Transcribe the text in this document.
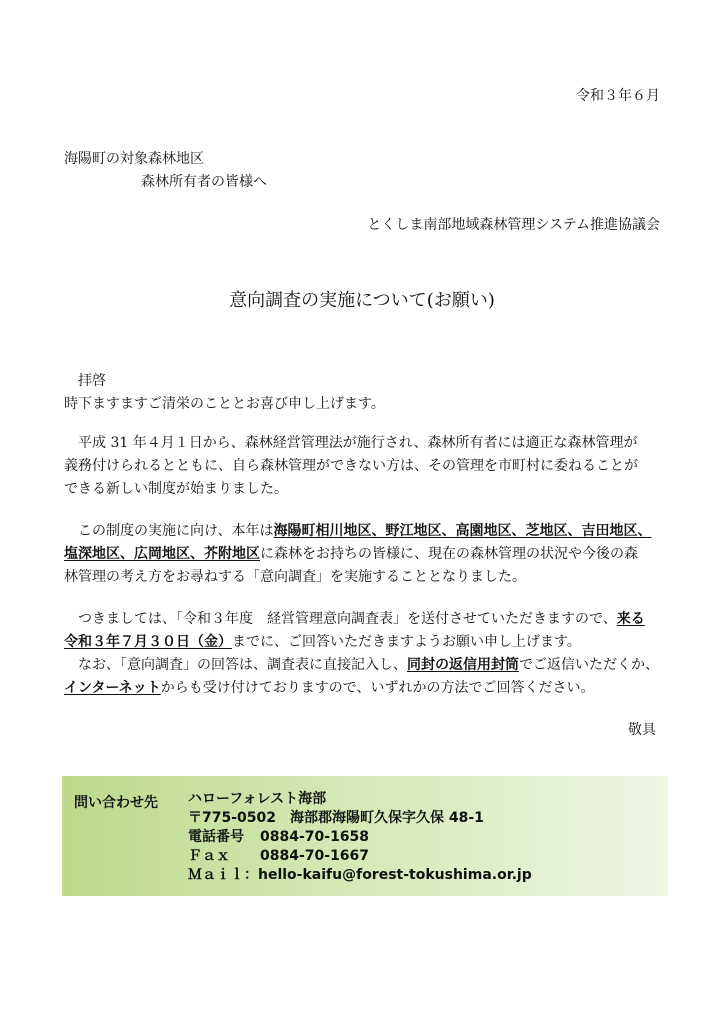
令和３年６月
海陽町の対象森林地区
森林所有者の皆様へ
とくしま南部地域森林管理システム推進協議会
意向調査の実施について(お願い)
拝啓
時下ますますご清栄のこととお喜び申し上げます。
平成 31 年４月１日から、森林経営管理法が施行され、森林所有者には適正な森林管理が
義務付けられるとともに、自ら森林管理ができない方は、その管理を市町村に委ねることが
できる新しい制度が始まりました。
この制度の実施に向け、本年は海陽町相川地区、野江地区、高園地区、芝地区、吉田地区、
塩深地区、広岡地区、芥附地区に森林をお持ちの皆様に、現在の森林管理の状況や今後の森
林管理の考え方をお尋ねする「意向調査」を実施することとなりました。
つきましては、「令和３年度　経営管理意向調査表」を送付させていただきますので、来る
令和３年７月３０日（金）までに、ご回答いただきますようお願い申し上げます。
なお、「意向調査」の回答は、調査表に直接記入し、同封の返信用封筒でご返信いただくか、
インターネットからも受け付けておりますので、いずれかの方法でご回答ください。
敬具
問い合わせ先 ハローフォレスト海部
〒775-0502　海部郡海陽町久保字久保 48-1
電話番号 0884-70-1658
Ｆａｘ 0884-70-1667
Ｍａｉｌ：hello-kaifu@forest-tokushima.or.jp
